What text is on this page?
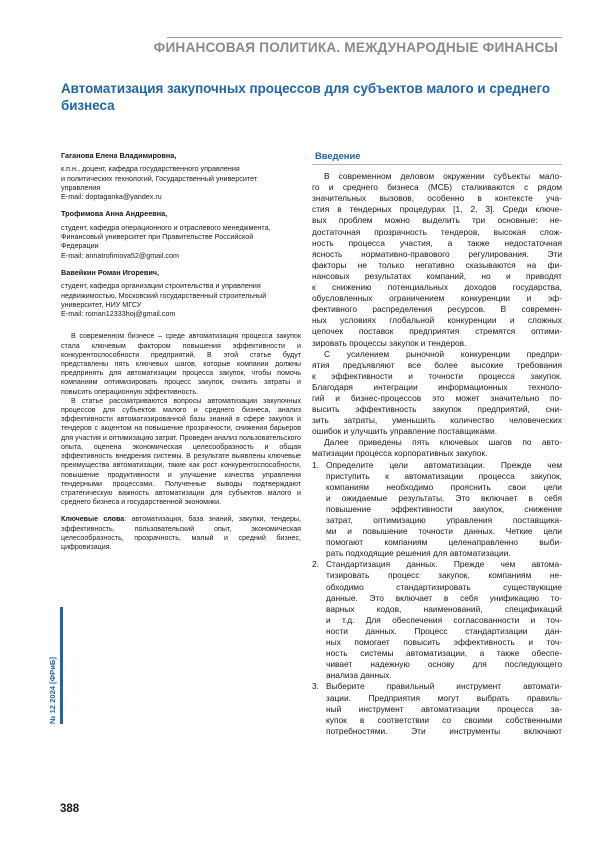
ФИНАНСОВАЯ ПОЛИТИКА. МЕЖДУНАРОДНЫЕ ФИНАНСЫ
Автоматизация закупочных процессов для субъектов малого и среднего
бизнеса
Гаганова Елена Владимировна,
к.п.н., доцент, кафедра государственного управления
и политических технологий, Государственный университет
управления
E-mail: doptaganka@yandex.ru
Трофимова Анна Андреевна,
студент, кафедра операционного и отраслевого менеджмента,
Финансовый университет при Правительстве Российской
Федерации
E-mail: annatrofimova52@gmail.com
Вавейкин Роман Игоревич,
студент, кафедра организации строительства и управления
недвижимостью, Московский государственный строительный
университет, НИУ МГСУ
E-mail: roman12333hoj@gmail.com

В современном бизнесе – среде автоматизация процесса закупок стала ключевым фактором повышения эффективности и конкурентоспособности предприятий. В этой статье будут представлены пять ключевых шагов, которые компании должны предпринять для автоматизации процесса закупок, чтобы помочь компаниям оптимизировать процесс закупок, снизить затраты и повысить операционную эффективность.

В статье рассматриваются вопросы автоматизации закупочных процессов для субъектов малого и среднего бизнеса, анализ эффективности автоматизированной базы знаний в сфере закупок и тендеров с акцентом на повышение прозрачности, снижения барьеров для участия и оптимизацию затрат. Проведен анализ пользовательского опыта, оценена экономическая целесообразность и общая эффективность внедрения системы. В результате выявлены ключевые преимущества автоматизации, такие как рост конкурентоспособности, повышение продуктивности и улучшение качества управления тендерными процессами. Полученные выводы подтверждают стратегическую важность автоматизации для субъектов малого и среднего бизнеса и государственной экономики.

Ключевые слова: автоматизация, база знаний, закупки, тендеры, эффективность, пользовательский опыт, экономическая целесообразность, прозрачность, малый и средний бизнес, цифровизация.
Введение
В современном деловом окружении субъекты мало-
го и среднего бизнеса (МСБ) сталкиваются с рядом
значительных вызовов, особенно в контексте уча-
стия в тендерных процедурах [1, 2, 3]. Среди ключе-
вых проблем можно выделить три основные: не-
достаточная прозрачность тендеров, высокая слож-
ность процесса участия, а также недостаточная
ясность нормативно-правового регулирования. Эти
факторы не только негативно сказываются на фи-
нансовых результатах компаний, но и приводят
к снижению потенциальных доходов государства,
обусловленных ограничением конкуренции и эф-
фективного распределения ресурсов. В современ-
ных условиях глобальной конкуренции и сложных
цепочек поставок предприятия стремятся оптими-
зировать процессы закупок и тендеров.
С усилением рыночной конкуренции предпри-
ятия предъявляют все более высокие требования
к эффективности и точности процесса закупок.
Благодаря интеграции информационных техноло-
гий и бизнес-процессов это может значительно по-
высить эффективность закупок предприятий, сни-
зить затраты, уменьшить количество человеческих
ошибок и улучшить управление поставщиками.
Далее приведены пять ключевых шагов по авто-
матизации процесса корпоративных закупок.
1. Определите цели автоматизации. Прежде чем
приступить к автоматизации процесса закупок,
компаниям необходимо прояснить свои цели
и ожидаемые результаты. Это включает в себя
повышение эффективности закупок, снижение
затрат, оптимизацию управления поставщика-
ми и повышение точности данных. Четкие цели
помогают компаниям целенаправленно выби-
рать подходящие решения для автоматизации.
2. Стандартизация данных. Прежде чем автома-
тизировать процесс закупок, компаниям не-
обходимо стандартизировать существующие
данные. Это включает в себя унификацию то-
варных кодов, наименований, спецификаций
и т.д. Для обеспечения согласованности и точ-
ности данных. Процесс стандартизации дан-
ных помогает повысить эффективность и точ-
ность системы автоматизации, а также обеспе-
чивает надежную основу для последующего
анализа данных.
3. Выберите правильный инструмент автомати-
зации. Предприятия могут выбрать правиль-
ный инструмент автоматизации процесса за-
купок в соответствии со своими собственными
потребностями. Эти инструменты включают
№ 12 2024 [ФРиБ]
388
